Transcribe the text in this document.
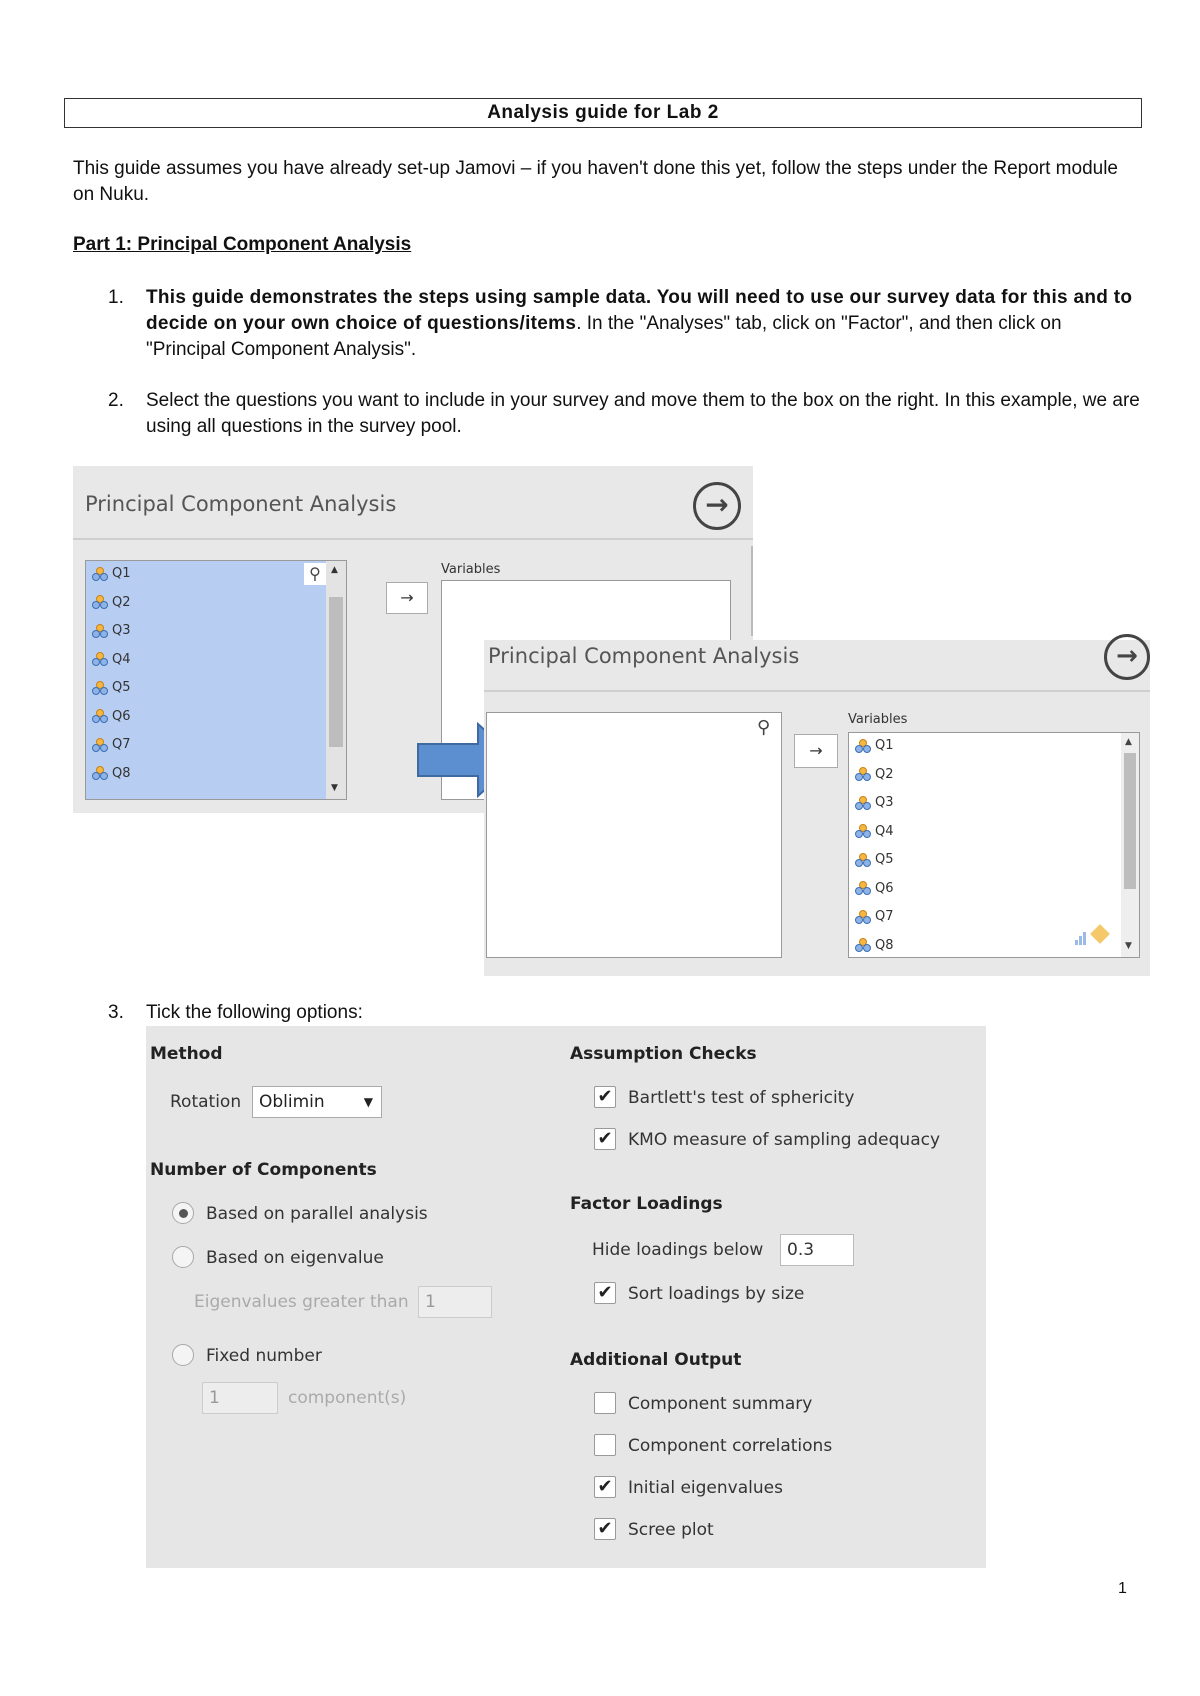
Analysis guide for Lab 2
This guide assumes you have already set-up Jamovi – if you haven't done this yet, follow the steps under the Report module on Nuku.
Part 1: Principal Component Analysis
1. This guide demonstrates the steps using sample data. You will need to use our survey data for this and to decide on your own choice of questions/items. In the "Analyses" tab, click on "Factor", and then click on "Principal Component Analysis".
2. Select the questions you want to include in your survey and move them to the box on the right. In this example, we are using all questions in the survey pool.
Principal Component Analysis	→
▲
▼
⚲
Q1
Q2
Q3
Q4
Q5
Q6
Q7
Q8
→
Variables
Principal Component Analysis	→
⚲
→
Variables
▲
▼
Q1
Q2
Q3
Q4
Q5
Q6
Q7
Q8
3. Tick the following options:
Method
Rotation	Oblimin	▼
Number of Components
Based on parallel analysis
Based on eigenvalue
Eigenvalues greater than 1
Fixed number
1	component(s)
Assumption Checks
✔ Bartlett's test of sphericity
✔ KMO measure of sampling adequacy
Factor Loadings
Hide loadings below	0.3
✔ Sort loadings by size
Additional Output
Component summary
Component correlations
✔ Initial eigenvalues
✔ Scree plot
1
